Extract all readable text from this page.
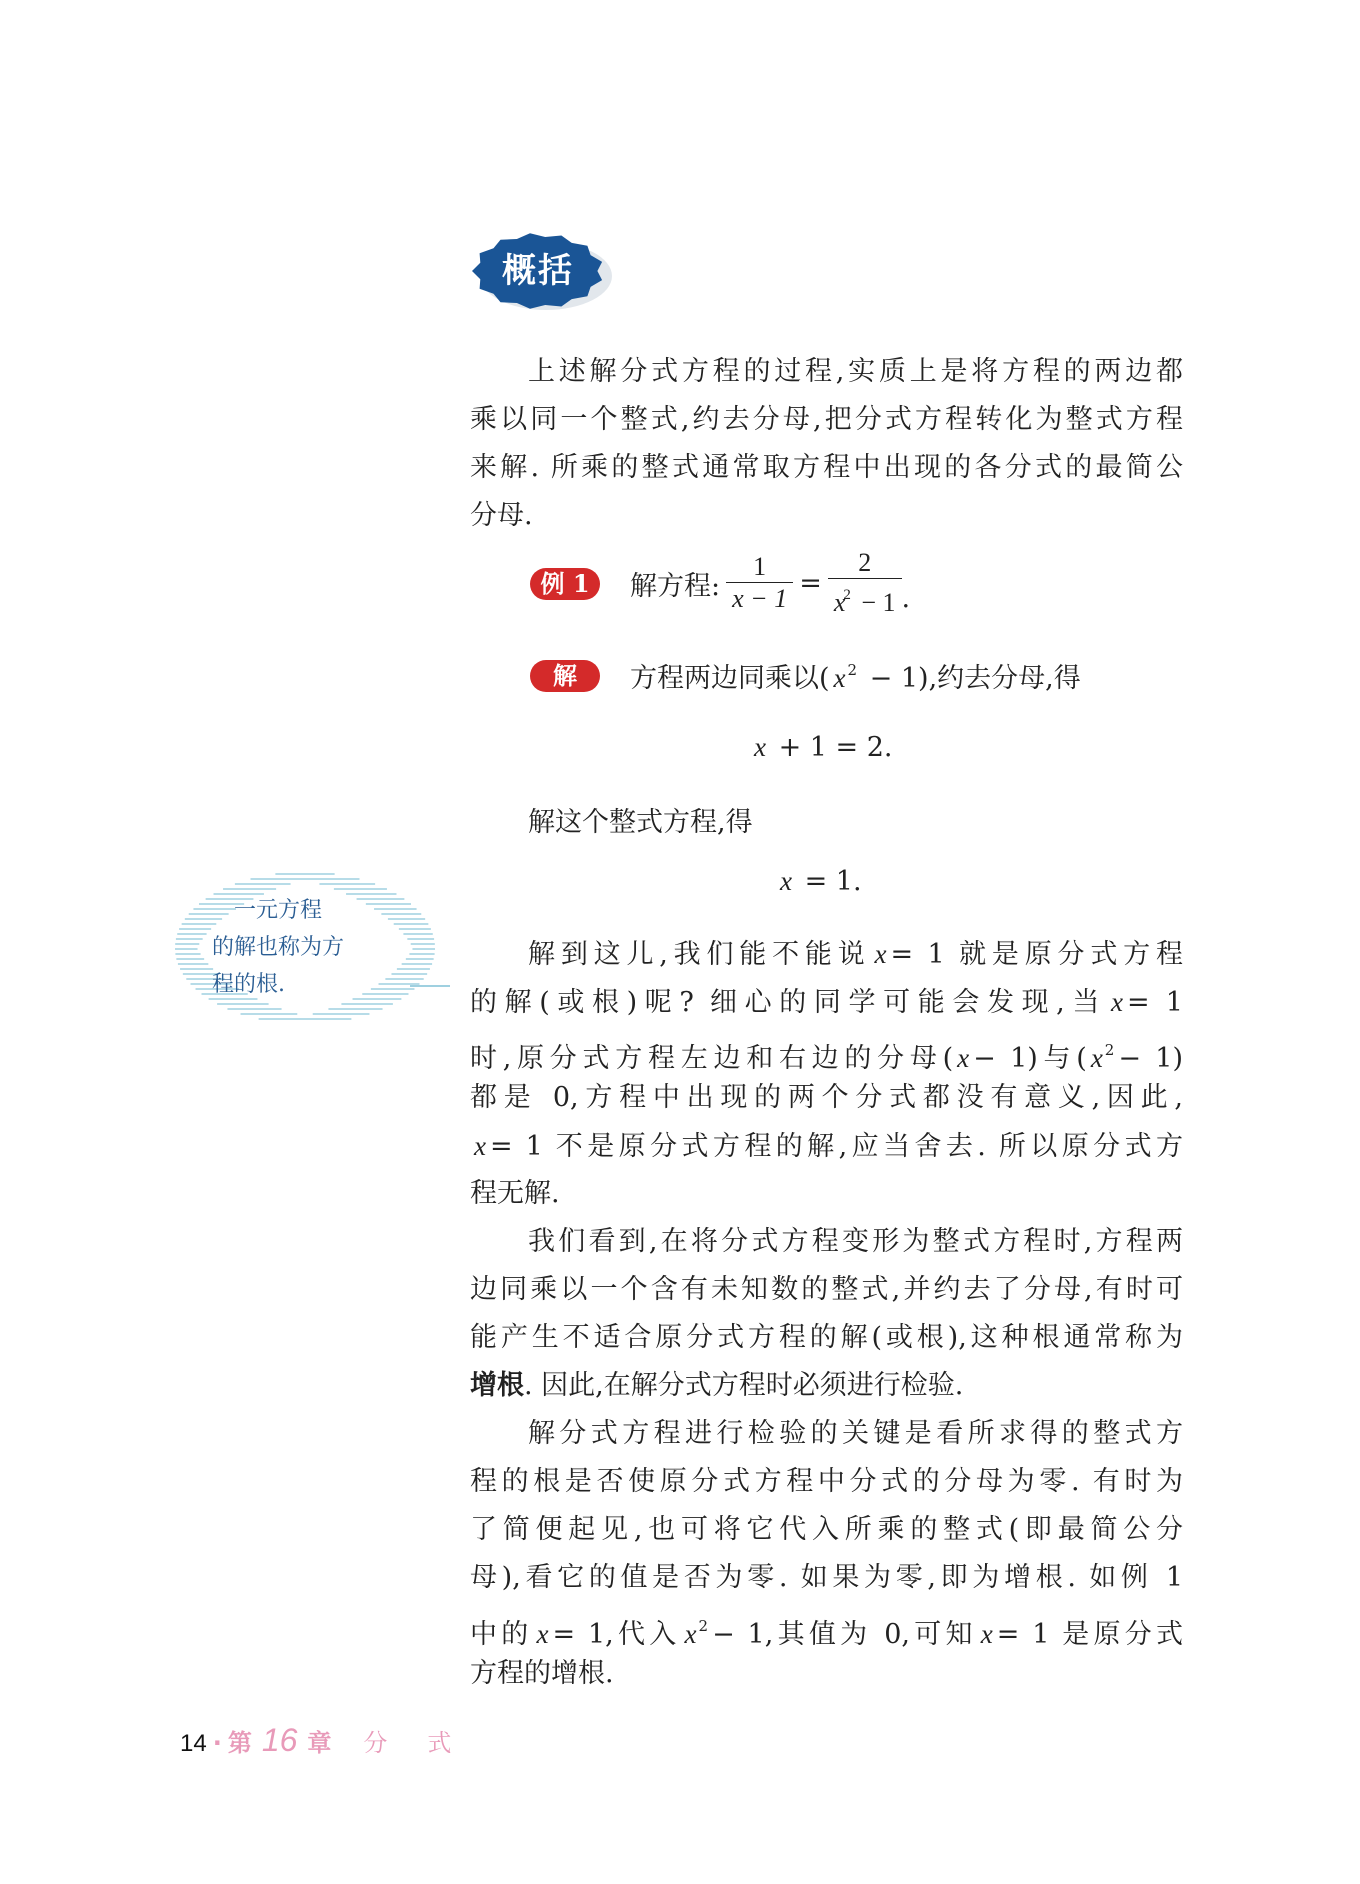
概括
上述解分式方程的过程,实质上是将方程的两边都
乘以同一个整式,约去分母,把分式方程转化为整式方程
来解. 所乘的整式通常取方程中出现的各分式的最简公
分母.
例 1	解方程: $\frac{1}{x - 1} = \frac{2}{x^2 - 1}$ .
解	方程两边同乘以( x $^2$ − 1),约去分母,得
x + 1 = 2.
解这个整式方程,得
x = 1.
解到这儿,我们能不能说 x = 1 就是原分式方程
的解(或根)呢? 细心的同学可能会发现,当 x = 1
时,原分式方程左边和右边的分母( x − 1)与( x $^2$ − 1)
都是 0,方程中出现的两个分式都没有意义,因此,
x = 1 不是原分式方程的解,应当舍去. 所以原分式方
程无解.
我们看到,在将分式方程变形为整式方程时,方程两
边同乘以一个含有未知数的整式,并约去了分母,有时可
能产生不适合原分式方程的解(或根),这种根通常称为
增根. 因此,在解分式方程时必须进行检验.
解分式方程进行检验的关键是看所求得的整式方
程的根是否使原分式方程中分式的分母为零. 有时为
了简便起见,也可将它代入所乘的整式(即最简公分
母),看它的值是否为零. 如果为零,即为增根. 如例 1
中的 x = 1,代入 x $^2$ − 1,其值为 0,可知 x = 1 是原分式
方程的增根.
　一元方程
的解也称为方
程的根.
14 · 第 16 章 分　式
